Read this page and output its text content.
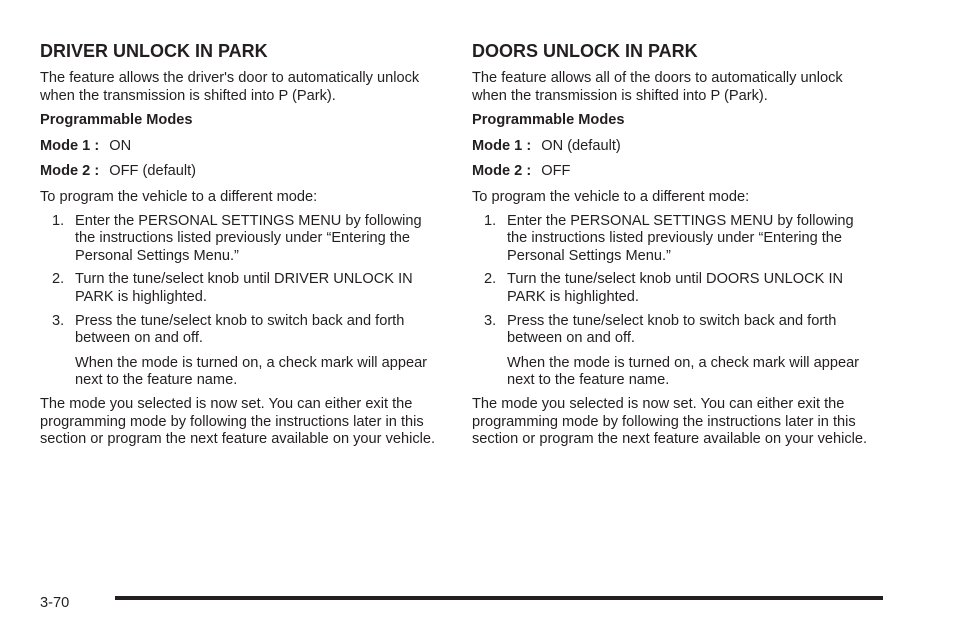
DRIVER UNLOCK IN PARK

The feature allows the driver's door to automatically unlock when the transmission is shifted into P (Park).

Programmable Modes

Mode 1 : ON

Mode 2 : OFF (default)

To program the vehicle to a different mode:

1. Enter the PERSONAL SETTINGS MENU by following the instructions listed previously under “Entering the Personal Settings Menu.”
2. Turn the tune/select knob until DRIVER UNLOCK IN PARK is highlighted.
3. Press the tune/select knob to switch back and forth between on and off.
When the mode is turned on, a check mark will appear next to the feature name.

The mode you selected is now set. You can either exit the programming mode by following the instructions later in this section or program the next feature available on your vehicle.

DOORS UNLOCK IN PARK

The feature allows all of the doors to automatically unlock when the transmission is shifted into P (Park).

Programmable Modes

Mode 1 : ON (default)

Mode 2 : OFF

To program the vehicle to a different mode:

1. Enter the PERSONAL SETTINGS MENU by following the instructions listed previously under “Entering the Personal Settings Menu.”
2. Turn the tune/select knob until DOORS UNLOCK IN PARK is highlighted.
3. Press the tune/select knob to switch back and forth between on and off.
When the mode is turned on, a check mark will appear next to the feature name.

The mode you selected is now set. You can either exit the programming mode by following the instructions later in this section or program the next feature available on your vehicle.

3-70
